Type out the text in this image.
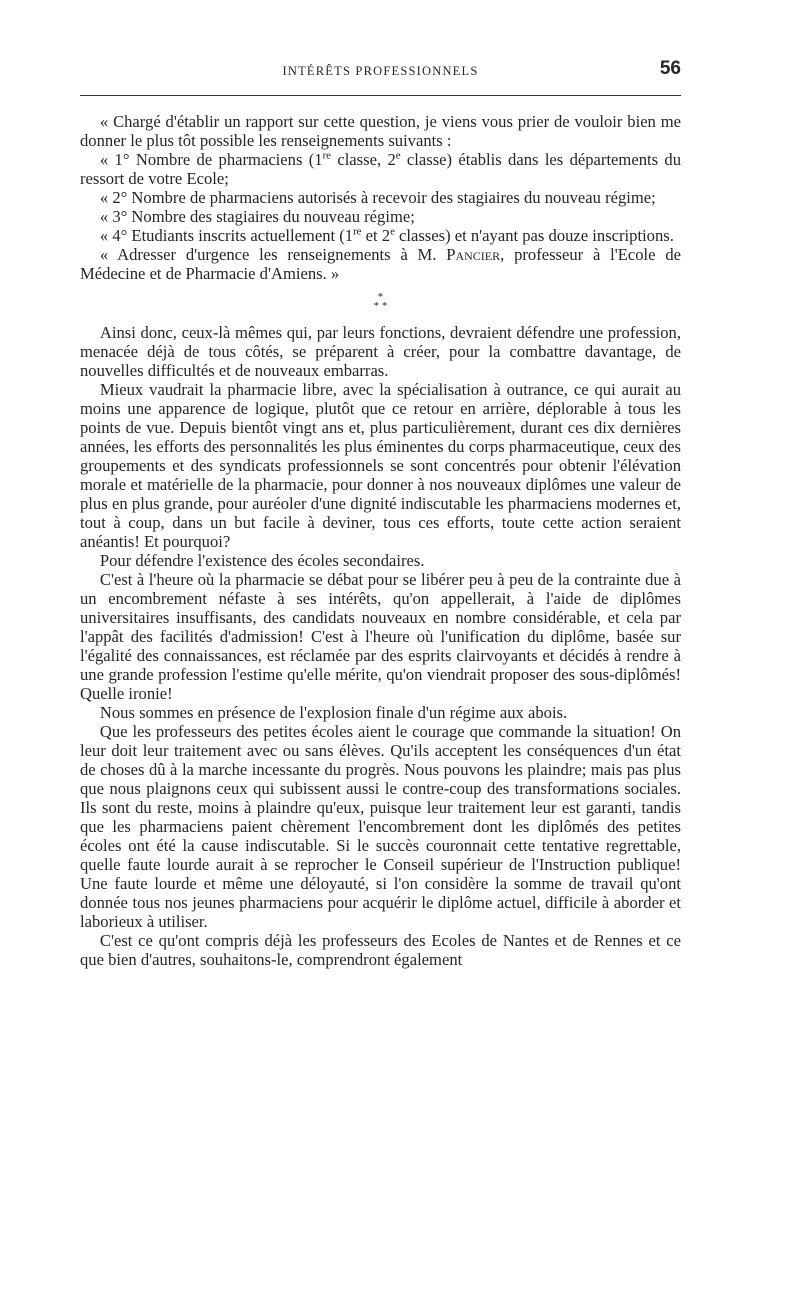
INTÉRÊTS PROFESSIONNELS	56

« Chargé d'établir un rapport sur cette question, je viens vous prier de vouloir bien me donner le plus tôt possible les renseignements suivants :

« 1° Nombre de pharmaciens (1re classe, 2e classe) établis dans les départements du ressort de votre Ecole;

« 2° Nombre de pharmaciens autorisés à recevoir des stagiaires du nouveau régime;

« 3° Nombre des stagiaires du nouveau régime;

« 4° Etudiants inscrits actuellement (1re et 2e classes) et n'ayant pas douze inscriptions.

« Adresser d'urgence les renseignements à M. Pancier, professeur à l'Ecole de Médecine et de Pharmacie d'Amiens. »

*
* *

Ainsi donc, ceux-là mêmes qui, par leurs fonctions, devraient défendre une profession, menacée déjà de tous côtés, se préparent à créer, pour la combattre davantage, de nouvelles difficultés et de nouveaux embarras.

Mieux vaudrait la pharmacie libre, avec la spécialisation à outrance, ce qui aurait au moins une apparence de logique, plutôt que ce retour en arrière, déplorable à tous les points de vue. Depuis bientôt vingt ans et, plus particulièrement, durant ces dix dernières années, les efforts des personnalités les plus éminentes du corps pharmaceutique, ceux des groupements et des syndicats professionnels se sont concentrés pour obtenir l'élévation morale et matérielle de la pharmacie, pour donner à nos nouveaux diplômes une valeur de plus en plus grande, pour auréoler d'une dignité indiscutable les pharmaciens modernes et, tout à coup, dans un but facile à deviner, tous ces efforts, toute cette action seraient anéantis! Et pourquoi?

Pour défendre l'existence des écoles secondaires.

C'est à l'heure où la pharmacie se débat pour se libérer peu à peu de la contrainte due à un encombrement néfaste à ses intérêts, qu'on appellerait, à l'aide de diplômes universitaires insuffisants, des candidats nouveaux en nombre considérable, et cela par l'appât des facilités d'admission! C'est à l'heure où l'unification du diplôme, basée sur l'égalité des connaissances, est réclamée par des esprits clairvoyants et décidés à rendre à une grande profession l'estime qu'elle mérite, qu'on viendrait proposer des sous-diplômés! Quelle ironie!

Nous sommes en présence de l'explosion finale d'un régime aux abois.

Que les professeurs des petites écoles aient le courage que commande la situation! On leur doit leur traitement avec ou sans élèves. Qu'ils acceptent les conséquences d'un état de choses dû à la marche incessante du progrès. Nous pouvons les plaindre; mais pas plus que nous plaignons ceux qui subissent aussi le contre-coup des transformations sociales. Ils sont du reste, moins à plaindre qu'eux, puisque leur traitement leur est garanti, tandis que les pharmaciens paient chèrement l'encombrement dont les diplômés des petites écoles ont été la cause indiscutable. Si le succès couronnait cette tentative regrettable, quelle faute lourde aurait à se reprocher le Conseil supérieur de l'Instruction publique! Une faute lourde et même une déloyauté, si l'on considère la somme de travail qu'ont donnée tous nos jeunes pharmaciens pour acquérir le diplôme actuel, difficile à aborder et laborieux à utiliser.

C'est ce qu'ont compris déjà les professeurs des Ecoles de Nantes et de Rennes et ce que bien d'autres, souhaitons-le, comprendront également
